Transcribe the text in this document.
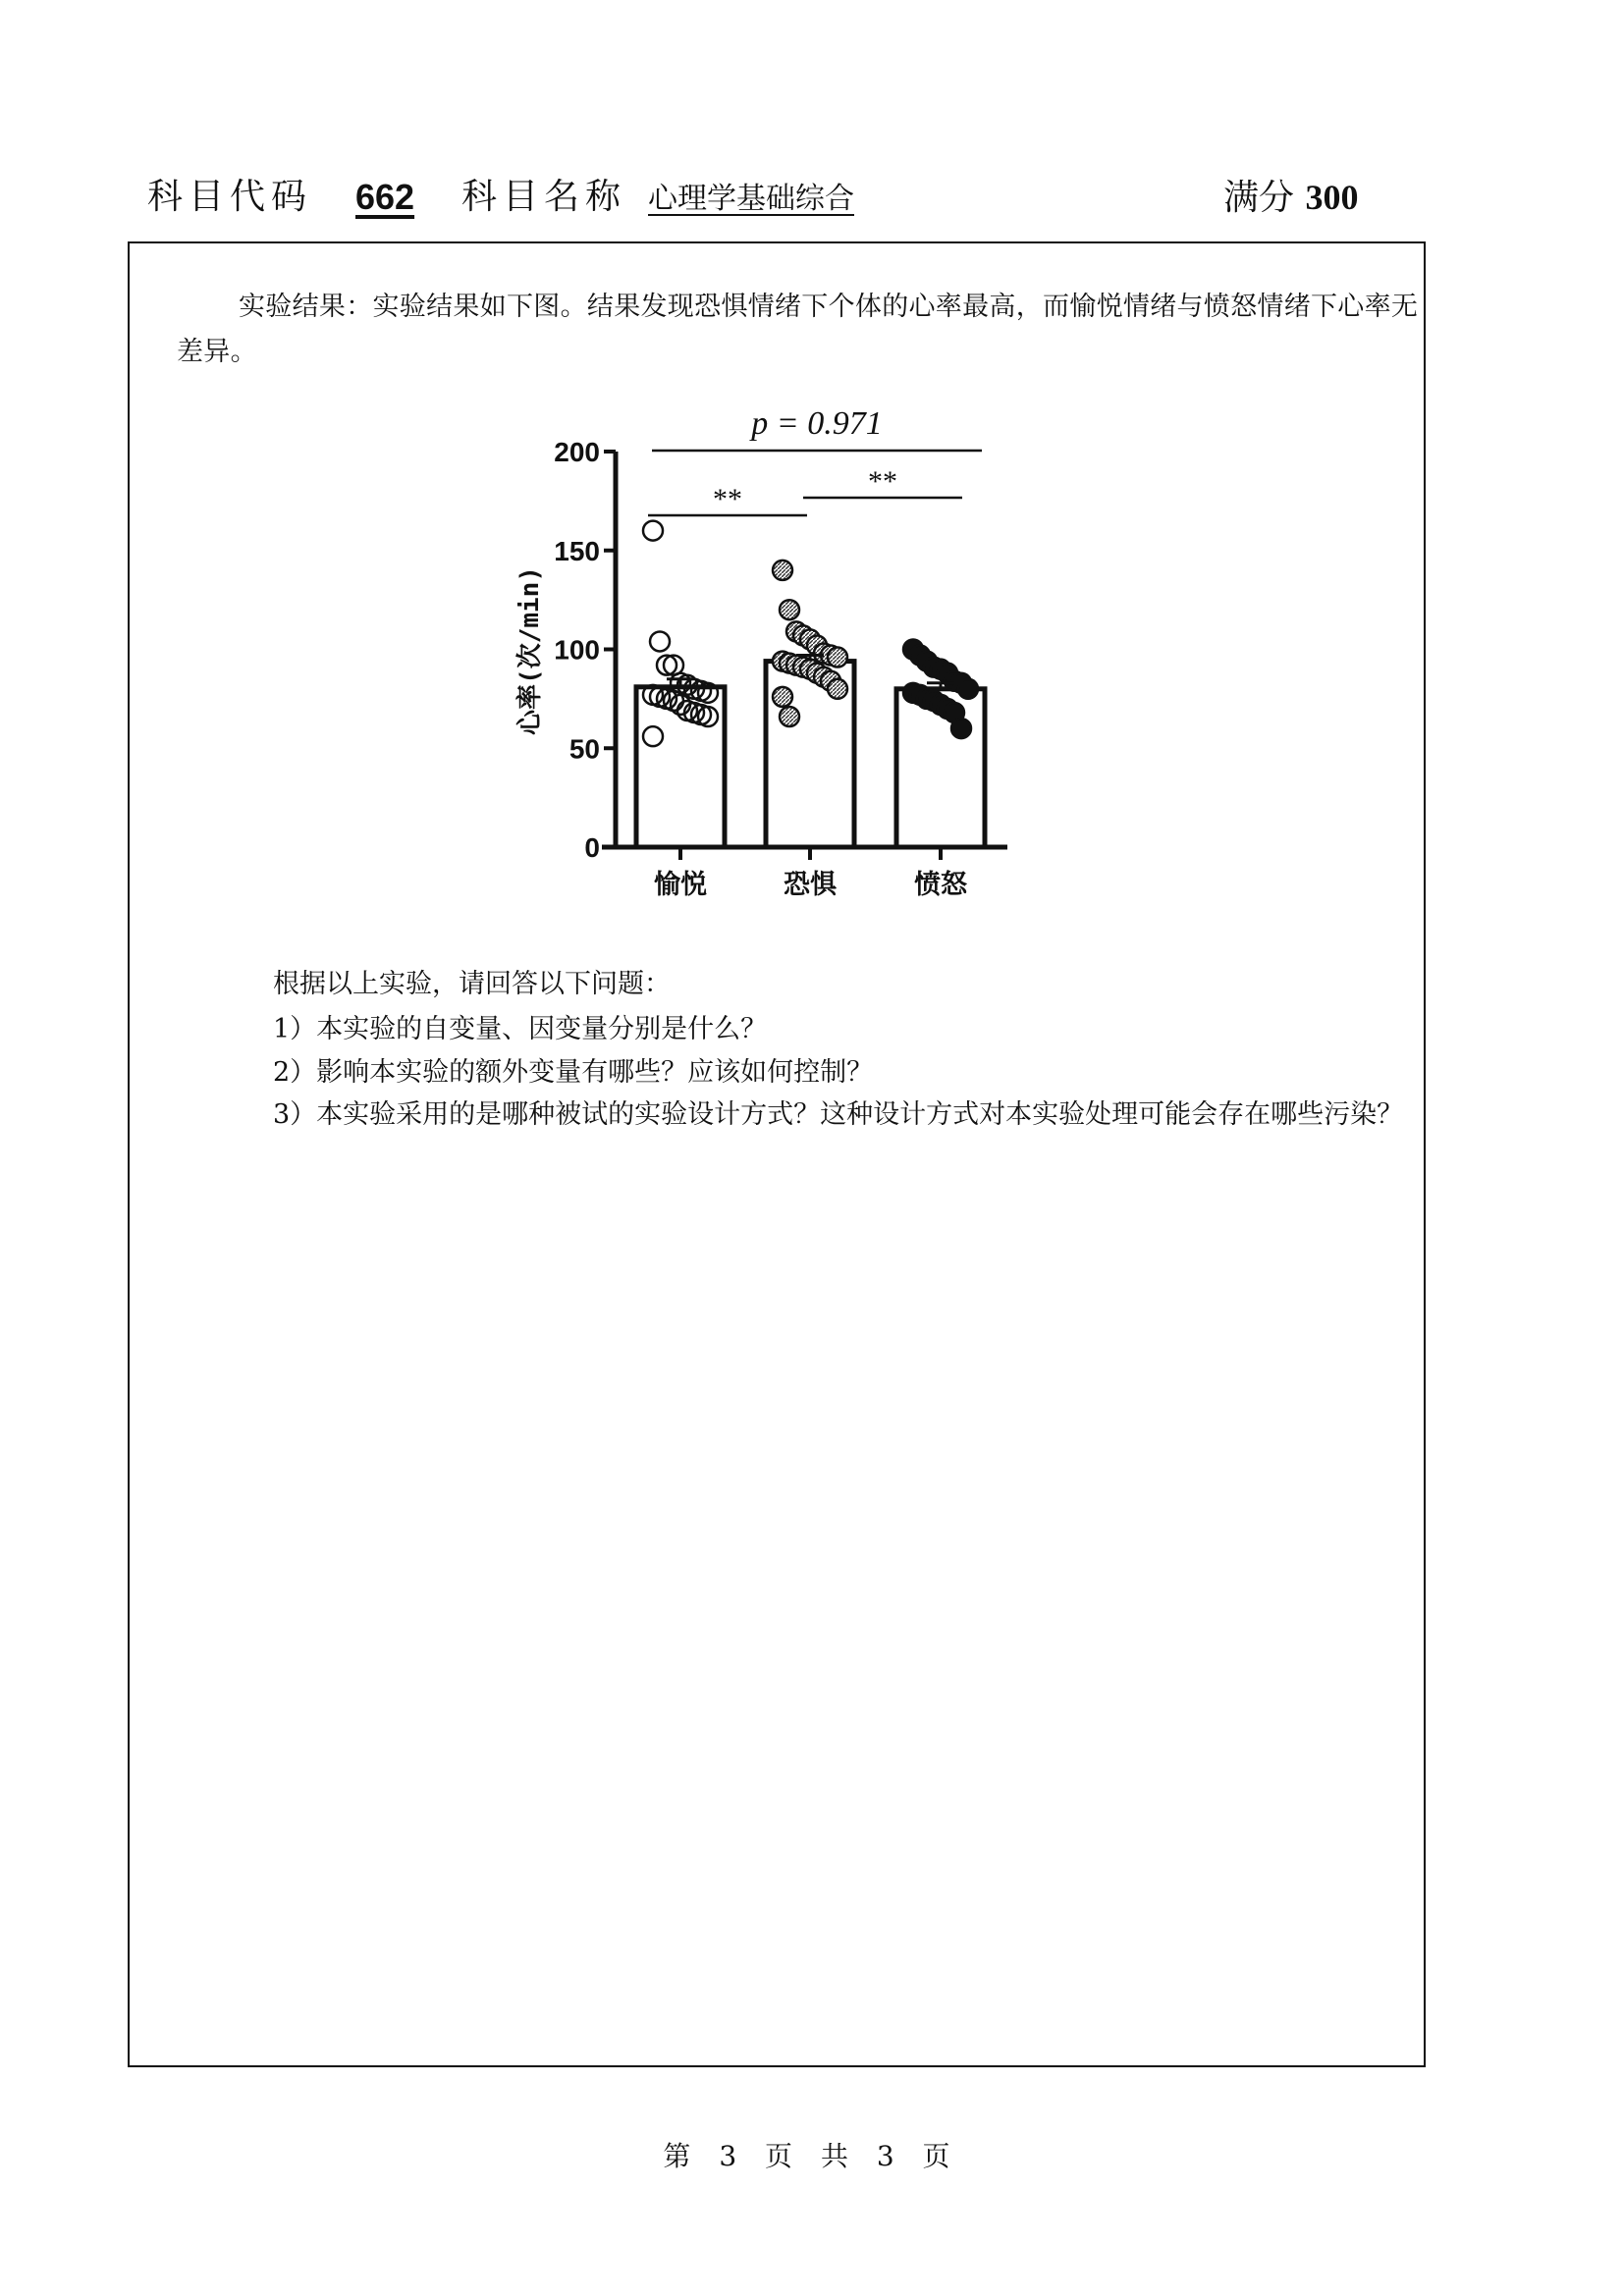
科目代码 662 科目名称 心理学基础综合	满分 300
实验结果：实验结果如下图。结果发现恐惧情绪下个体的心率最高，而愉悦情绪与愤怒情绪下心率无差异。
0
50
100
150
200
愉悦	恐惧	愤怒
心率(次/min)
p = 0.971
**
**
根据以上实验，请回答以下问题：
1）本实验的自变量、因变量分别是什么？
2）影响本实验的额外变量有哪些？应该如何控制？
3）本实验采用的是哪种被试的实验设计方式？这种设计方式对本实验处理可能会存在哪些污染？
第 3 页 共 3 页
